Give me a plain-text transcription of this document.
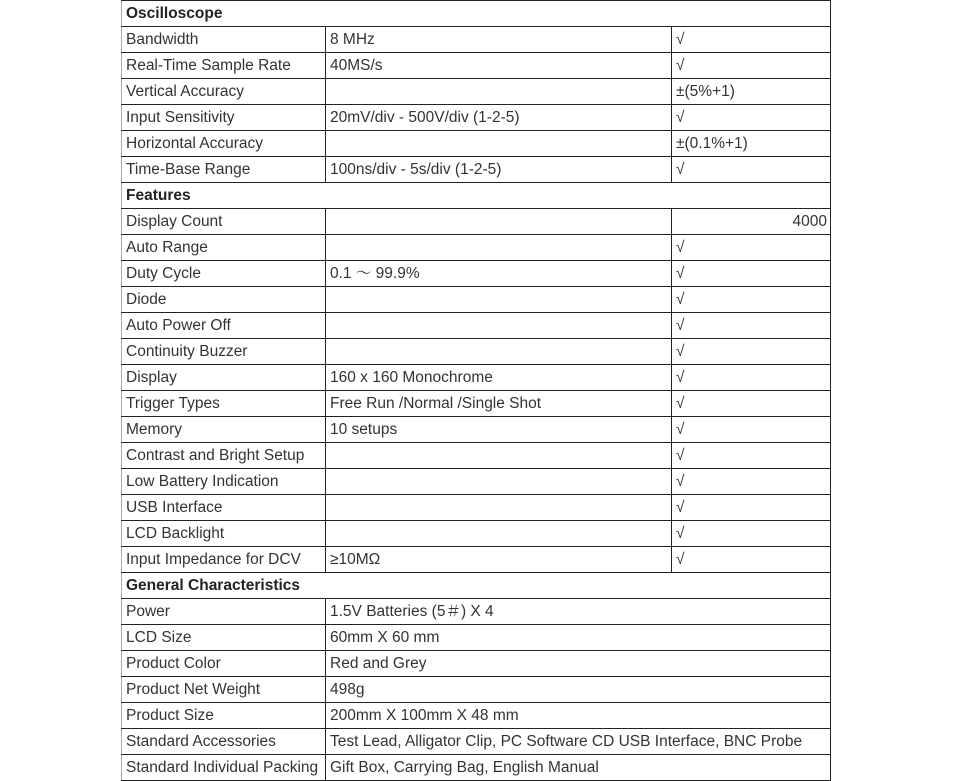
Oscilloscope		
Bandwidth	8 MHz	√
Real-Time Sample Rate	40MS/s	√
Vertical Accuracy		±(5%+1)
Input Sensitivity	20mV/div - 500V/div (1-2-5)	√
Horizontal Accuracy		±(0.1%+1)
Time-Base Range	100ns/div - 5s/div (1-2-5)	√
Features		
Display Count		4000
Auto Range		√
Duty Cycle	0.1 ～ 99.9%	√
Diode		√
Auto Power Off		√
Continuity Buzzer		√
Display	160 x 160 Monochrome	√
Trigger Types	Free Run /Normal /Single Shot	√
Memory	10 setups	√
Contrast and Bright Setup		√
Low Battery Indication		√
USB Interface		√
LCD Backlight		√
Input Impedance for DCV	≥10MΩ	√
General Characteristics		
Power	1.5V Batteries (5＃) X 4	
LCD Size	60mm X 60 mm	
Product Color	Red and Grey	
Product Net Weight	498g	
Product Size	200mm X 100mm X 48 mm	
Standard Accessories	Test Lead, Alligator Clip, PC Software CD USB Interface, BNC Probe	
Standard Individual Packing	Gift Box, Carrying Bag, English Manual	
